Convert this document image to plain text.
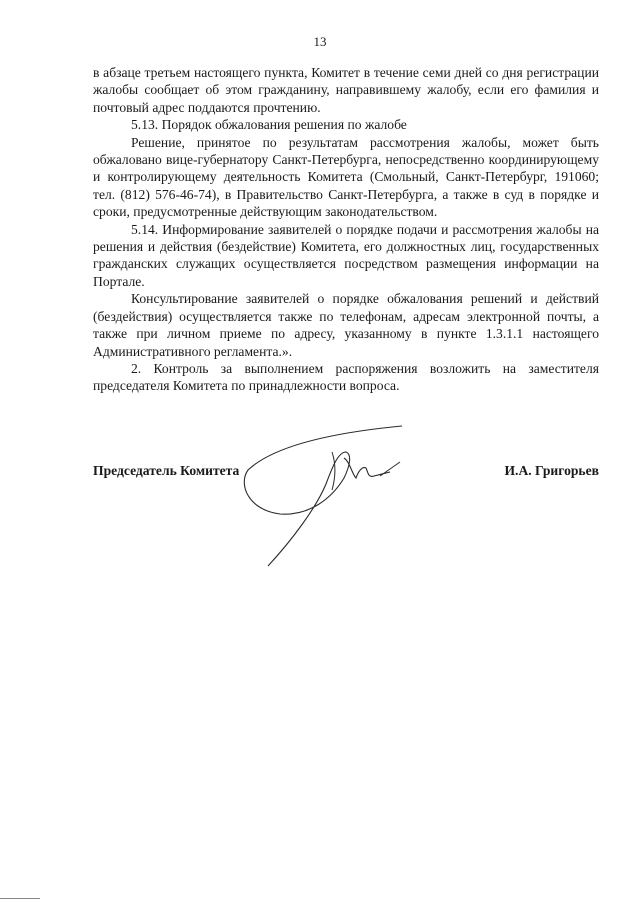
13

в абзаце третьем настоящего пункта, Комитет в течение семи дней со дня регистрации жалобы сообщает об этом гражданину, направившему жалобу, если его фамилия и почтовый адрес поддаются прочтению.

5.13. Порядок обжалования решения по жалобе

Решение, принятое по результатам рассмотрения жалобы, может быть обжаловано вице-губернатору Санкт-Петербурга, непосредственно координирующему и контролирующему деятельность Комитета (Смольный, Санкт-Петербург, 191060; тел. (812) 576-46-74), в Правительство Санкт-Петербурга, а также в суд в порядке и сроки, предусмотренные действующим законодательством.

5.14. Информирование заявителей о порядке подачи и рассмотрения жалобы на решения и действия (бездействие) Комитета, его должностных лиц, государственных гражданских служащих осуществляется посредством размещения информации на Портале.

Консультирование заявителей о порядке обжалования решений и действий (бездействия) осуществляется также по телефонам, адресам электронной почты, а также при личном приеме по адресу, указанному в пункте 1.3.1.1 настоящего Административного регламента.».

2. Контроль за выполнением распоряжения возложить на заместителя председателя Комитета по принадлежности вопроса.

Председатель Комитета	И.А. Григорьев
